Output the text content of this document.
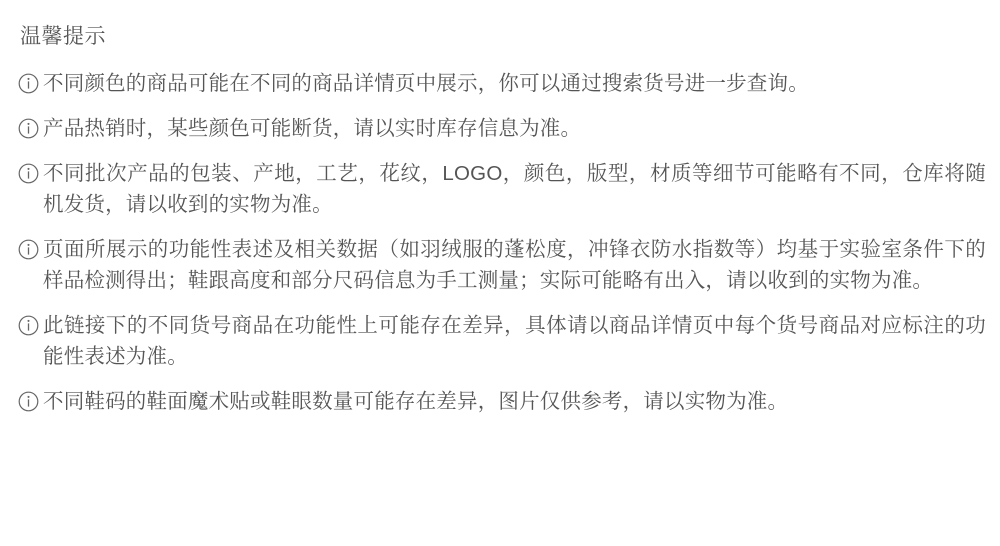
温馨提示
不同颜色的商品可能在不同的商品详情页中展示，你可以通过搜索货号进一步查询。
产品热销时，某些颜色可能断货，请以实时库存信息为准。
不同批次产品的包装、产地，工艺，花纹，LOGO，颜色，版型，材质等细节可能略有不同，仓库将随机发货，请以收到的实物为准。
页面所展示的功能性表述及相关数据（如羽绒服的蓬松度，冲锋衣防水指数等）均基于实验室条件下的样品检测得出；鞋跟高度和部分尺码信息为手工测量；实际可能略有出入，请以收到的实物为准。
此链接下的不同货号商品在功能性上可能存在差异，具体请以商品详情页中每个货号商品对应标注的功能性表述为准。
不同鞋码的鞋面魔术贴或鞋眼数量可能存在差异，图片仅供参考，请以实物为准。
